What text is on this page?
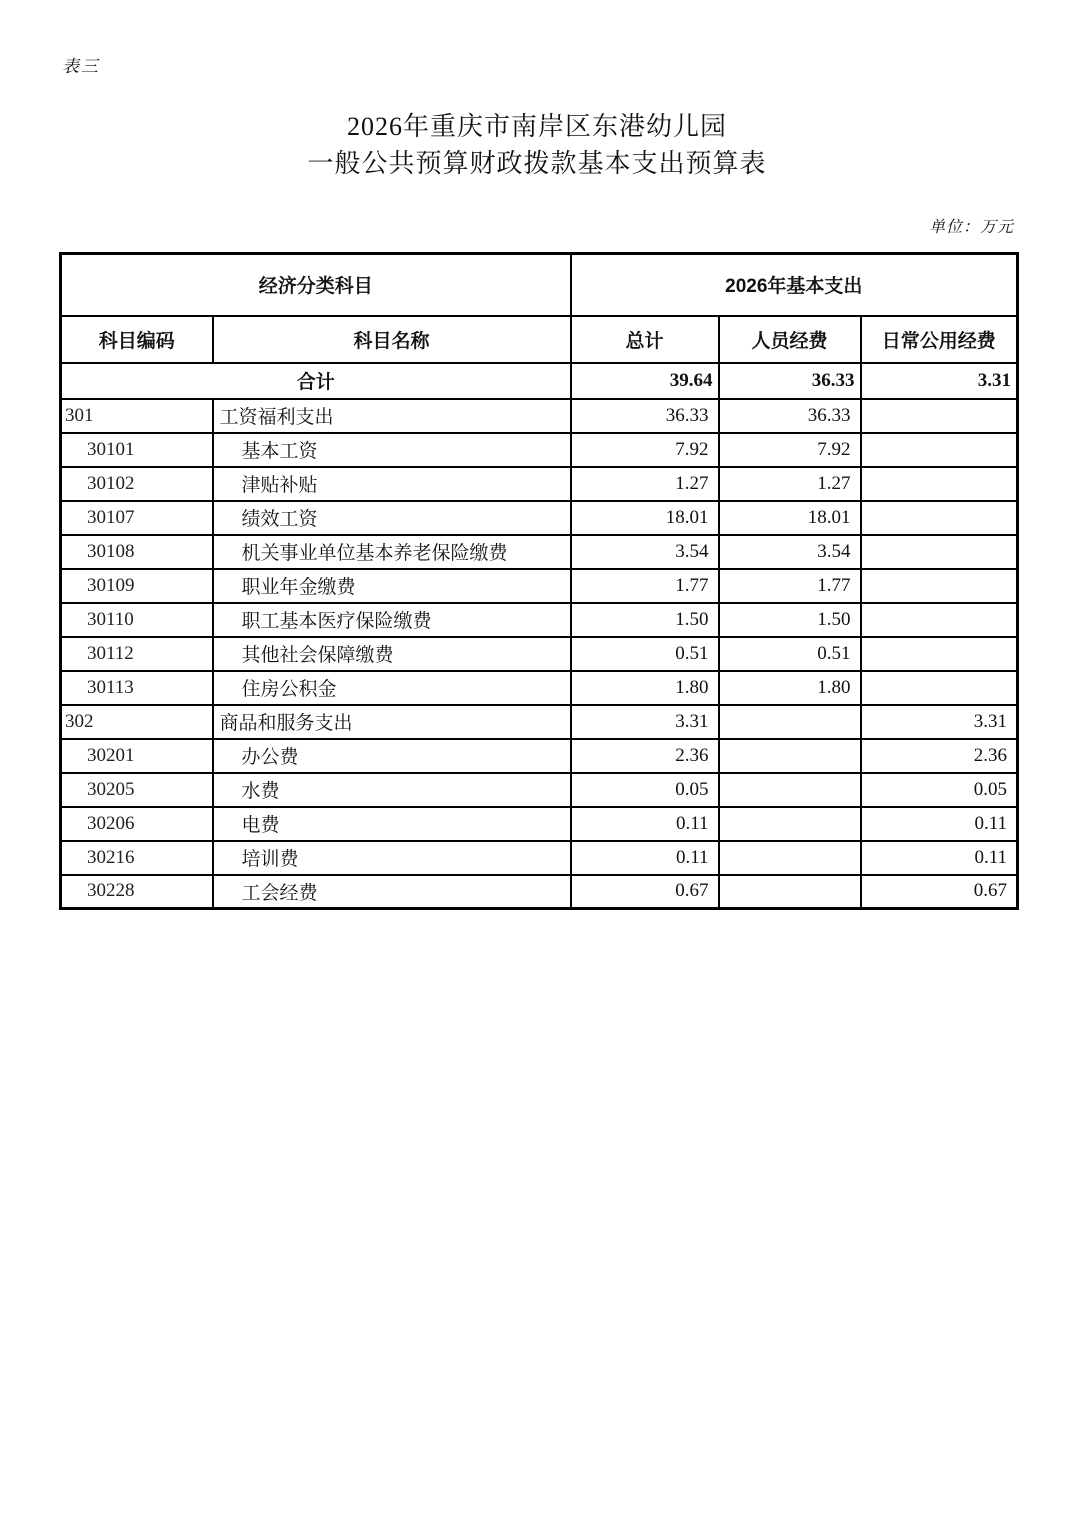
表三
2026年重庆市南岸区东港幼儿园
一般公共预算财政拨款基本支出预算表
单位：万元
经济分类科目		2026年基本支出		
科目编码	科目名称	总计	人员经费	日常公用经费
合计		39.64	36.33	3.31
301	工资福利支出	36.33	36.33	
30101	基本工资	7.92	7.92	
30102	津贴补贴	1.27	1.27	
30107	绩效工资	18.01	18.01	
30108	机关事业单位基本养老保险缴费	3.54	3.54	
30109	职业年金缴费	1.77	1.77	
30110	职工基本医疗保险缴费	1.50	1.50	
30112	其他社会保障缴费	0.51	0.51	
30113	住房公积金	1.80	1.80	
302	商品和服务支出	3.31		3.31
30201	办公费	2.36		2.36
30205	水费	0.05		0.05
30206	电费	0.11		0.11
30216	培训费	0.11		0.11
30228	工会经费	0.67		0.67
